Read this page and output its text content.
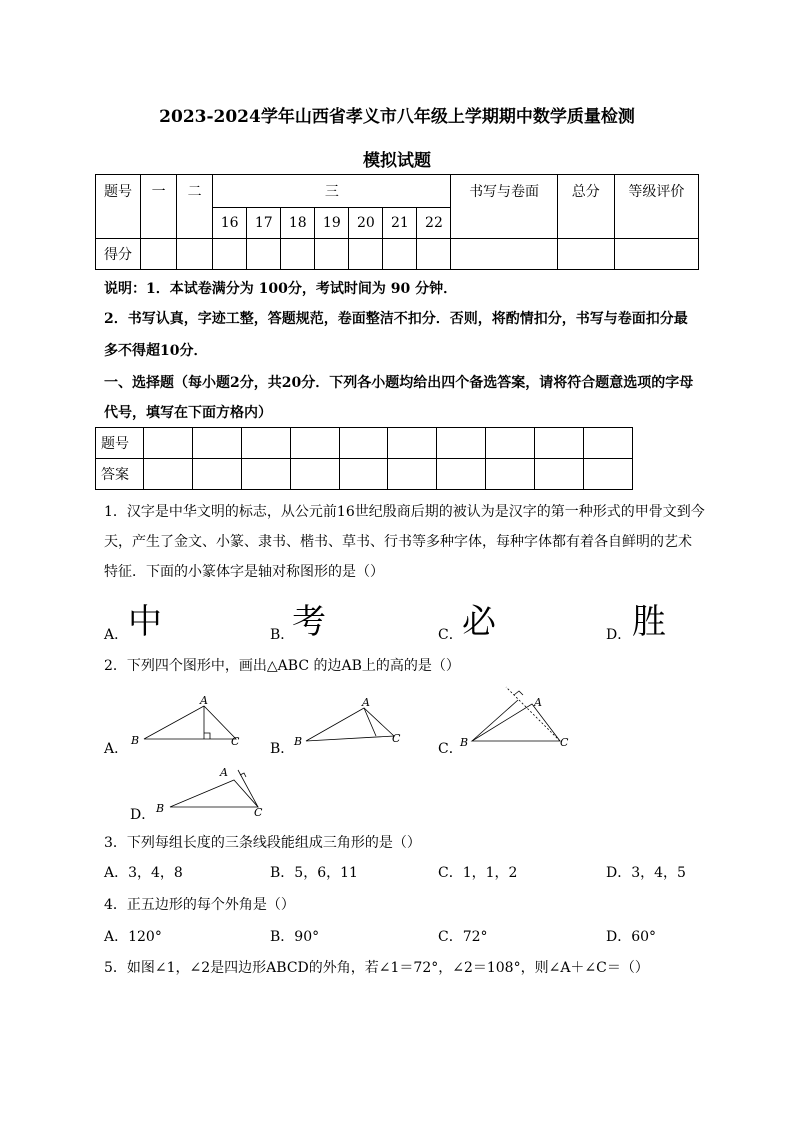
2023-2024学年山西省孝义市八年级上学期期中数学质量检测
模拟试题
题号	一	二	三							书写与卷面	总分	等级评价
			16	17	18	19	20	21	22			
得分												
说明：1．本试卷满分为 100分，考试时间为 90 分钟．
2．书写认真，字迹工整，答题规范，卷面整洁不扣分．否则，将酌情扣分，书写与卷面扣分最
多不得超10分．
一、选择题（每小题2分，共20分．下列各小题均给出四个备选答案，请将符合题意选项的字母
代号，填写在下面方格内）
题号										
答案										
1．汉字是中华文明的标志，从公元前16世纪殷商后期的被认为是汉字的第一种形式的甲骨文到今
天，产生了金文、小篆、隶书、楷书、草书、行书等多种字体，每种字体都有着各自鲜明的艺术
特征．下面的小篆体字是轴对称图形的是（）
A． 中	B．
考	C． 必	D． 胜
2．下列四个图形中，画出△ABC 的边AB上的高的是（）
A．
A
B	C B．
A
B	C
C．
A
B	C
D．
A
B	C
3．下列每组长度的三条线段能组成三角形的是（）
A．3，4，8	B．5，6，11	C．1，1，2	D．3，4，5
4．正五边形的每个外角是（）
A．120°	B．90°	C．72°	D．60°
5．如图∠1，∠2是四边形ABCD的外角，若∠1＝72°，∠2＝108°，则∠A＋∠C＝（）
